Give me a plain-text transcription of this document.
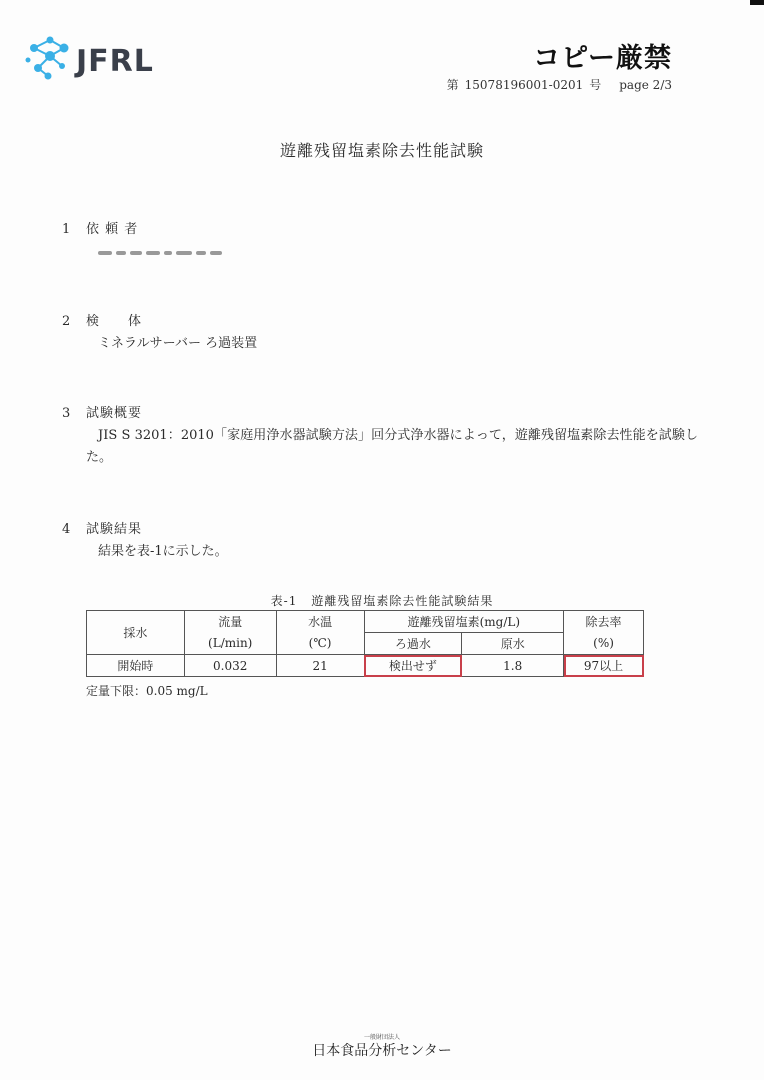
JFRL	コピー厳禁
第 15078196001-0201 号 page 2/3
遊離残留塩素除去性能試験
1 依 頼 者
2 検　　体
ミネラルサーバー ろ過装置
3 試験概要
JIS S 3201：2010「家庭用浄水器試験方法」回分式浄水器によって，遊離残留塩素除去性能を試験した。
4 試験結果
結果を表-1に示した。
表-1 遊離残留塩素除去性能試験結果
採水	流量	水温	遊離残留塩素(mg/L)		除去率
	(L/min)	(℃)	ろ過水	原水	(%)
開始時	0.032	21	検出せず	1.8	97以上
定量下限：0.05 mg/L
一般財団法人
日本食品分析センター
